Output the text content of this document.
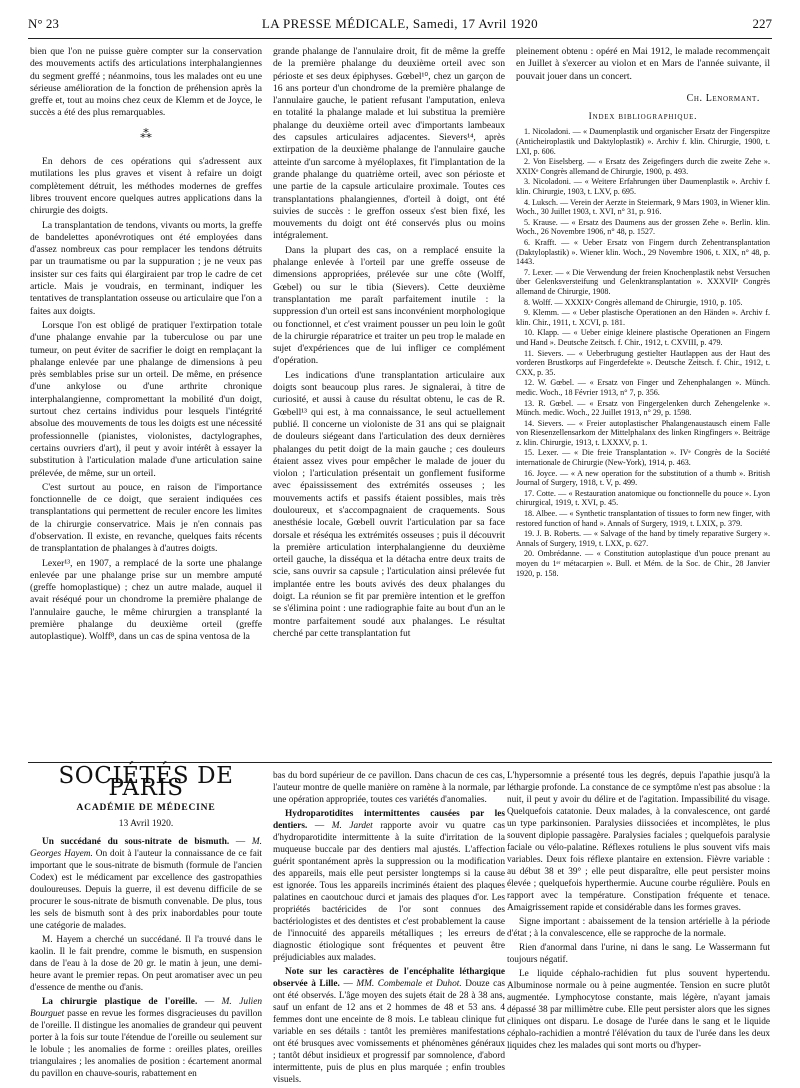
N° 23	LA PRESSE MÉDICALE, Samedi, 17 Avril 1920	227

bien que l'on ne puisse guère compter sur la conservation des mouvements actifs des articulations interphalangiennes du segment greffé ; néanmoins, tous les malades ont eu une sérieuse amélioration de la fonction de préhension après la greffe et, tout au moins chez ceux de Klemm et de Joyce, le succès a été des plus remarquables.

⁂

En dehors de ces opérations qui s'adressent aux mutilations les plus graves et visent à refaire un doigt complètement détruit, les méthodes modernes de greffes libres trouvent encore quelques autres applications dans la chirurgie des doigts.

La transplantation de tendons, vivants ou morts, la greffe de bandelettes aponévrotiques ont été employées dans d'assez nombreux cas pour remplacer les tendons détruits par un traumatisme ou par la suppuration ; je ne veux pas insister sur ces faits qui élargiraient par trop le cadre de cet article. Mais je voudrais, en terminant, indiquer les tentatives de transplantation osseuse ou articulaire que l'on a faites aux doigts.

Lorsque l'on est obligé de pratiquer l'extirpation totale d'une phalange envahie par la tuberculose ou par une tumeur, on peut éviter de sacrifier le doigt en remplaçant la phalange enlevée par une phalange de dimensions à peu près semblables prise sur un orteil. De même, en présence d'une ankylose ou d'une arthrite chronique interphalangienne, compromettant la mobilité d'un doigt, surtout chez certains individus pour lesquels l'intégrité absolue des mouvements de tous les doigts est une nécessité professionnelle (pianistes, violonistes, dactylographes, certains ouvriers d'art), il peut y avoir intérêt à essayer la substitution à l'articulation malade d'une articulation saine prélevée, de même, sur un orteil.

C'est surtout au pouce, en raison de l'importance fonctionnelle de ce doigt, que seraient indiquées ces transplantations qui permettent de reculer encore les limites de la chirurgie conservatrice. Mais je n'en connais pas d'observation. Il existe, en revanche, quelques faits récents de transplantation de phalanges à d'autres doigts.

Lexer¹³, en 1907, a remplacé de la sorte une phalange enlevée par une phalange prise sur un membre amputé (greffe homoplastique) ; chez un autre malade, auquel il avait réséqué pour un chondrome la première phalange de l'annulaire gauche, le même chirurgien a transplanté la première phalange du deuxième orteil (greffe autoplastique). Wolff⁸, dans un cas de spina ventosa de la

grande phalange de l'annulaire droit, fit de même la greffe de la première phalange du deuxième orteil avec son périoste et ses deux épiphyses. Gœbel¹⁰, chez un garçon de 16 ans porteur d'un chondrome de la première phalange de l'annulaire gauche, le patient refusant l'amputation, enleva en totalité la phalange malade et lui substitua la première phalange du deuxième orteil avec d'importants lambeaux des capsules articulaires adjacentes. Sievers¹⁴, après extirpation de la deuxième phalange de l'annulaire gauche atteinte d'un sarcome à myéloplaxes, fit l'implantation de la grande phalange du quatrième orteil, avec son périoste et une partie de la capsule articulaire proximale. Toutes ces transplantations phalangiennes, d'orteil à doigt, ont été suivies de succès : le greffon osseux s'est bien fixé, les mouvements du doigt ont été conservés plus ou moins intégralement.

Dans la plupart des cas, on a remplacé ensuite la phalange enlevée à l'orteil par une greffe osseuse de dimensions appropriées, prélevée sur une côte (Wolff, Gœbel) ou sur le tibia (Sievers). Cette deuxième transplantation me paraît parfaitement inutile : la suppression d'un orteil est sans inconvénient morphologique ou fonctionnel, et c'est vraiment pousser un peu loin le goût de la chirurgie réparatrice et traiter un peu trop le malade en sujet d'expériences que de lui infliger ce complément d'opération.

Les indications d'une transplantation articulaire aux doigts sont beaucoup plus rares. Je signalerai, à titre de curiosité, et aussi à cause du résultat obtenu, le cas de R. Gœbell¹³ qui est, à ma connaissance, le seul actuellement publié. Il concerne un violoniste de 31 ans qui se plaignait de douleurs siégeant dans l'articulation des deux dernières phalanges du petit doigt de la main gauche ; ces douleurs étaient assez vives pour empêcher le malade de jouer du violon ; l'articulation présentait un gonflement fusiforme avec épaississement des extrémités osseuses ; les mouvements actifs et passifs étaient possibles, mais très douloureux, et s'accompagnaient de craquements. Sous anesthésie locale, Gœbell ouvrit l'articulation par sa face dorsale et réséqua les extrémités osseuses ; puis il découvrit la première articulation interphalangienne du deuxième orteil gauche, la disséqua et la détacha entre deux traits de scie, sans ouvrir sa capsule ; l'articulation ainsi prélevée fut implantée entre les bouts avivés des deux phalanges du doigt. La réunion se fit par première intention et le greffon se s'élimina point : une radiographie faite au bout d'un an le montre parfaitement soudé aux phalanges. Le résultat cherché par cette transplantation fut

pleinement obtenu : opéré en Mai 1912, le malade recommençait en Juillet à s'exercer au violon et en Mars de l'année suivante, il pouvait jouer dans un concert.

Ch. Lenormant.
Index bibliographique.
1. Nicoladoni. — « Daumenplastik und organischer Ersatz der Fingerspitze (Anticheiroplastik und Daktyloplastik) ». Archiv f. klin. Chirurgie, 1900, t. LXI, p. 606.
2. Von Eiselsberg. — « Ersatz des Zeigefingers durch die zweite Zehe ». XXIXᵉ Congrès allemand de Chirurgie, 1900, p. 493.
3. Nicoladoni. — « Weitere Erfahrungen über Daumenplastik ». Archiv f. klin. Chirurgie, 1903, t. LXV, p. 695.
4. Luksch. — Verein der Aerzte in Steiermark, 9 Mars 1903, in Wiener klin. Woch., 30 Juillet 1903, t. XVI, n° 31, p. 916.
5. Krause. — « Ersatz des Daumens aus der grossen Zehe ». Berlin. klin. Woch., 26 Novembre 1906, n° 48, p. 1527.
6. Krafft. — « Ueber Ersatz von Fingern durch Zehentransplantation (Daktyloplastik) ». Wiener klin. Woch., 29 Novembre 1906, t. XIX, n° 48, p. 1443.
7. Lexer. — « Die Verwendung der freien Knochenplastik nebst Versuchen über Gelenksversteifung und Gelenktransplantation ». XXXVIIᵉ Congrès allemand de Chirurgie, 1908.
8. Wolff. — XXXIXᵉ Congrès allemand de Chirurgie, 1910, p. 105.
9. Klemm. — « Ueber plastische Operationen an den Händen ». Archiv f. klin. Chir., 1911, t. XCVI, p. 181.
10. Klapp. — « Ueber einige kleinere plastische Operationen an Fingern und Hand ». Deutsche Zeitsch. f. Chir., 1912, t. CXVIII, p. 479.
11. Sievers. — « Ueberbrugung gestielter Hautlappen aus der Haut des vorderen Brustkorps auf Fingerdefekte ». Deutsche Zeitsch. f. Chir., 1912, t. CXX, p. 35.
12. W. Gœbel. — « Ersatz von Finger und Zehenphalangen ». Münch. medic. Woch., 18 Février 1913, n° 7, p. 356.
13. R. Gœbel. — « Ersatz von Fingergelenken durch Zehengelenke ». Münch. medic. Woch., 22 Juillet 1913, n° 29, p. 1598.
14. Sievers. — « Freier autoplastischer Phalangenaustausch einem Falle von Riesenzellensarkom der Mittelphalanx des linken Ringfingers ». Beiträge z. klin. Chirurgie, 1913, t. LXXXV, p. 1.
15. Lexer. — « Die freie Transplantation ». IVᵉ Congrès de la Société internationale de Chirurgie (New-York), 1914, p. 463.
16. Joyce. — « A new operation for the substitution of a thumb ». British Journal of Surgery, 1918, t. V, p. 499.
17. Cotte. — « Restauration anatomique ou fonctionnelle du pouce ». Lyon chirurgical, 1919, t. XVI, p. 45.
18. Albee. — « Synthetic transplantation of tissues to form new finger, with restored function of hand ». Annals of Surgery, 1919, t. LXIX, p. 379.
19. J. B. Roberts. — « Salvage of the hand by timely reparative Surgery ». Annals of Surgery, 1919, t. LXX, p. 627.
20. Ombrédanne. — « Constitution autoplastique d'un pouce prenant au moyen du 1ᵉʳ métacarpien ». Bull. et Mém. de la Soc. de Chir., 28 Janvier 1920, p. 158.
SOCIÉTÉS DE PARIS
ACADÉMIE DE MÉDECINE
13 Avril 1920.

Un succédané du sous-nitrate de bismuth. — M. Georges Hayem. On doit à l'auteur la connaissance de ce fait important que le sous-nitrate de bismuth (formule de l'ancien Codex) est le médicament par excellence des gastropathies douloureuses. Depuis la guerre, il est devenu difficile de se procurer le sous-nitrate de bismuth convenable. De plus, tous les sels de bismuth sont à des prix inabordables pour toute une catégorie de malades.

M. Hayem a cherché un succédané. Il l'a trouvé dans le kaolin. Il le fait prendre, comme le bismuth, en suspension dans de l'eau à la dose de 20 gr. le matin à jeun, une demi-heure avant le premier repas. On peut aromatiser avec un peu d'essence de menthe ou d'anis.

La chirurgie plastique de l'oreille. — M. Julien Bourguet passe en revue les formes disgracieuses du pavillon de l'oreille. Il distingue les anomalies de grandeur qui peuvent porter à la fois sur toute l'étendue de l'oreille ou seulement sur le lobule ; les anomalies de forme : oreilles plates, oreilles triangulaires ; les anomalies de position : écartement anormal du pavillon en chauve-souris, rabattement en

bas du bord supérieur de ce pavillon. Dans chacun de ces cas, l'auteur montre de quelle manière on ramène à la normale, par une opération appropriée, toutes ces variétés d'anomalies.

Hydroparotidites intermittentes causées par les dentiers. — M. Jardet rapporte avoir vu quatre cas d'hydroparotidite intermittente à la suite d'irritation de la muqueuse buccale par des dentiers mal ajustés. L'affection guérit spontanément après la suppression ou la modification des appareils, mais elle peut persister longtemps si la cause est ignorée. Tous les appareils incriminés étaient des plaques palatines en caoutchouc durci et jamais des plaques d'or. Les propriétés bactéricides de l'or sont connues des bactériologistes et des dentistes et c'est probablement la cause de l'innocuité des appareils métalliques ; les erreurs de diagnostic étiologique sont fréquentes et peuvent être préjudiciables aux malades.

Note sur les caractères de l'encéphalite léthargique observée à Lille. — MM. Combemale et Duhot. Douze cas ont été observés. L'âge moyen des sujets était de 28 à 38 ans, sauf un enfant de 12 ans et 2 hommes de 48 et 53 ans. 4 femmes dont une enceinte de 8 mois. Le tableau clinique fut variable en ses détails : tantôt les premières manifestations ont été brusques avec vomissements et phénomènes généraux ; tantôt début insidieux et progressif par somnolence, d'abord intermittente, puis de plus en plus marquée ; enfin troubles visuels.

L'hypersomnie a présenté tous les degrés, depuis l'apathie jusqu'à la léthargie profonde. La constance de ce symptôme n'est pas absolue : la nuit, il peut y avoir du délire et de l'agitation. Impassibilité du visage. Quelquefois catatonie. Deux malades, à la convalescence, ont gardé un type parkinsonien. Paralysies diissociées et incomplètes, le plus souvent diplopie passagère. Paralysies faciales ; quelquefois paralysie faciale ou vélo-palatine. Réflexes rotuliens le plus souvent vifs mais variables. Deux fois réflexe plantaire en extension. Fièvre variable : au début 38 et 39° ; elle peut disparaître, elle peut persister moins élevée ; quelquefois hyperthermie. Aucune courbe régulière. Pouls en rapport avec la température. Constipation fréquente et tenace. Amaigrissement rapide et considérable dans les formes graves.

Signe important : abaissement de la tension artérielle à la période d'état ; à la convalescence, elle se rapproche de la normale.

Rien d'anormal dans l'urine, ni dans le sang. Le Wassermann fut toujours négatif.

Le liquide céphalo-rachidien fut plus souvent hypertendu. Albuminose normale ou à peine augmentée. Tension en sucre plutôt augmentée. Lymphocytose constante, mais légère, n'ayant jamais dépassé 38 par millimètre cube. Elle peut persister alors que les signes cliniques ont disparu. Le dosage de l'urée dans le sang et le liquide céphalo-rachidien a montré l'élévation du taux de l'urée dans les deux liquides chez les malades qui sont morts ou d'hyper-
